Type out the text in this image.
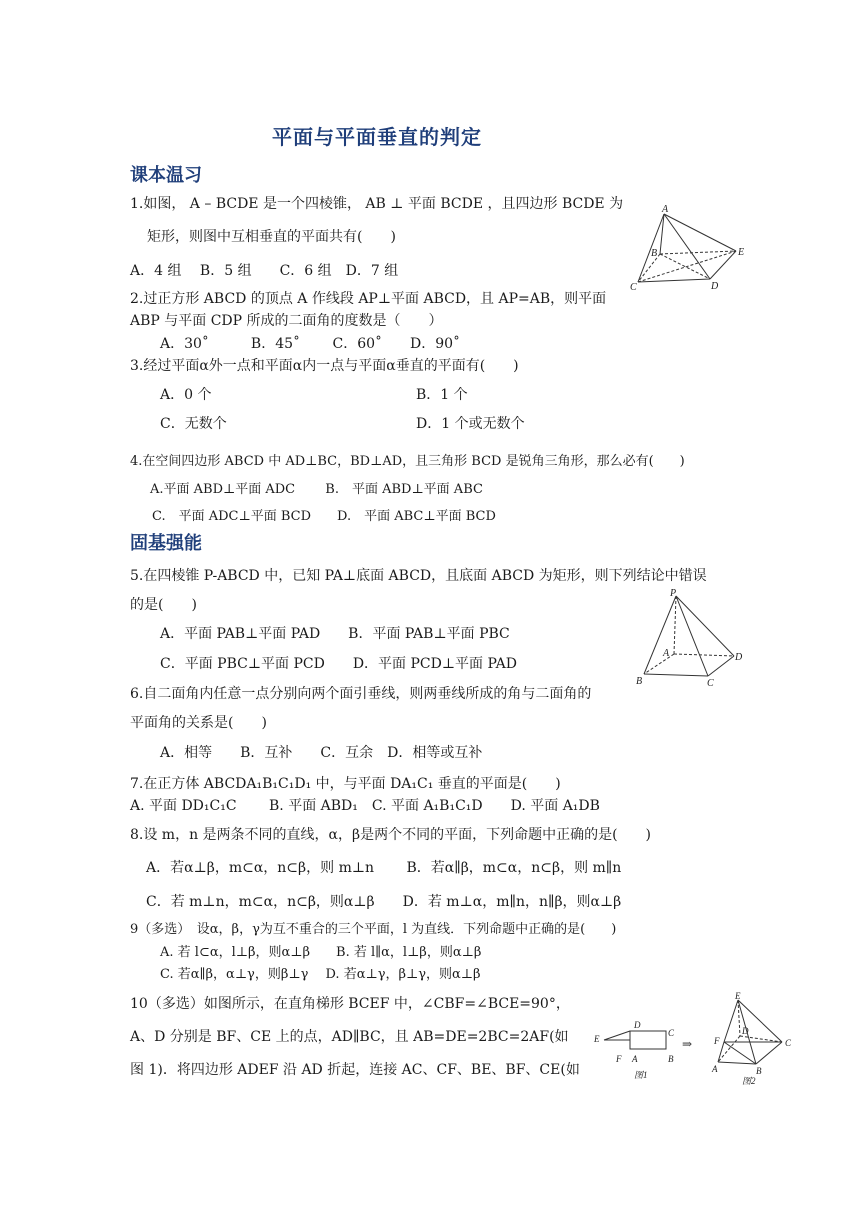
平面与平面垂直的判定
课本温习
1.如图， A – BCDE 是一个四棱锥， AB ⊥ 平面 BCDE ，且四边形 BCDE 为
矩形，则图中互相垂直的平面共有(　　)
A．4 组　 B．5 组　　C．6 组　D．7 组
A
B
C	D
E
2.过正方形 ABCD 的顶点 A 作线段 AP⊥平面 ABCD，且 AP=AB，则平面
ABP 与平面 CDP 所成的二面角的度数是（　　）
A．30˚　　　B．45˚　　 C．60˚　　D．90˚
3.经过平面α外一点和平面α内一点与平面α垂直的平面有(　　)
A．0 个	B．1 个
C．无数个	D．1 个或无数个
4.在空间四边形 ABCD 中 AD⊥BC，BD⊥AD，且三角形 BCD 是锐角三角形，那么必有(　　)
A.平面 ABD⊥平面 ADC　　 B.　平面 ABD⊥平面 ABC
C.　平面 ADC⊥平面 BCD　　D.　平面 ABC⊥平面 BCD
固基强能
5.在四棱锥 P-ABCD 中，已知 PA⊥底面 ABCD，且底面 ABCD 为矩形，则下列结论中错误
的是(　　)
A．平面 PAB⊥平面 PAD　　B．平面 PAB⊥平面 PBC
C．平面 PBC⊥平面 PCD　　D．平面 PCD⊥平面 PAD
P
A
B	C
D
6.自二面角内任意一点分别向两个面引垂线，则两垂线所成的角与二面角的
平面角的关系是(　　)
A．相等　　B．互补　　C．互余　D．相等或互补
7.在正方体 ABCDA₁B₁C₁D₁ 中，与平面 DA₁C₁ 垂直的平面是(　　)
A. 平面 DD₁C₁C　　 B. 平面 ABD₁　C. 平面 A₁B₁C₁D　　D. 平面 A₁DB
8.设 m，n 是两条不同的直线，α，β是两个不同的平面，下列命题中正确的是(　　)
A．若α⊥β，m⊂α，n⊂β，则 m⊥n　　 B．若α∥β，m⊂α，n⊂β，则 m∥n
C．若 m⊥n，m⊂α，n⊂β，则α⊥β　　D．若 m⊥α，m∥n，n∥β，则α⊥β
9（多选）　设α，β，γ为互不重合的三个平面，l 为直线．下列命题中正确的是(　　)
A. 若 l⊂α，l⊥β，则α⊥β　　B. 若 l∥α，l⊥β，则α⊥β
C. 若α∥β，α⊥γ，则β⊥γ　 D. 若α⊥γ，β⊥γ，则α⊥β
10（多选）如图所示，在直角梯形 BCEF 中，∠CBF=∠BCE=90°，
A、D 分别是 BF、CE 上的点，AD∥BC，且 AB=DE=2BC=2AF(如
图 1)．将四边形 ADEF 沿 AD 折起，连接 AC、CF、BE、BF、CE(如
E
D
C
F A	B
图1
⇒
E
D
F	C
A	B
图2
